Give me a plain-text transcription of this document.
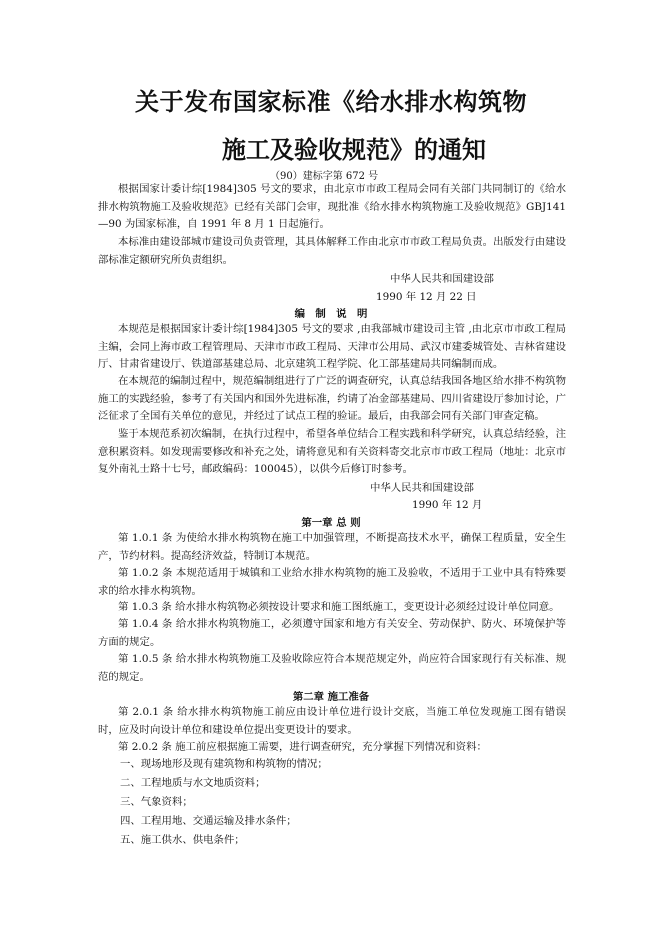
关于发布国家标准《给水排水构筑物
施工及验收规范》的通知
（90）建标字第 672 号
根据国家计委计综[1984]305 号文的要求，由北京市市政工程局会同有关部门共同制订的《给水排水构筑物施工及验收规范》已经有关部门会审，现批准《给水排水构筑物施工及验收规范》GBJ141—90 为国家标准，自 1991 年 8 月 1 日起施行。
本标准由建设部城市建设司负责管理，其具体解释工作由北京市市政工程局负责。出版发行由建设部标准定额研究所负责组织。
中华人民共和国建设部
1990 年 12 月 22 日
编　制　说　明
本规范是根据国家计委计综[1984]305 号文的要求 ,由我部城市建设司主管 ,由北京市市政工程局主编，会同上海市政工程管理局、天津市市政工程局、天津市公用局、武汉市建委城管处、吉林省建设厅、甘肃省建设厅、铁道部基建总局、北京建筑工程学院、化工部基建局共同编制而成。
在本规范的编制过程中，规范编制组进行了广泛的调查研究，认真总结我国各地区给水排不构筑物施工的实践经验，参考了有关国内和国外先进标准，约请了冶金部基建局、四川省建设厅参加讨论，广泛征求了全国有关单位的意见，并经过了试点工程的验证。最后，由我部会同有关部门审查定稿。
鉴于本规范系初次编制，在执行过程中，希望各单位结合工程实践和科学研究，认真总结经验，注意积累资料。如发现需要修改和补充之处，请将意见和有关资料寄交北京市市政工程局（地址：北京市复外南礼士路十七号，邮政编码：100045），以供今后修订时参考。
中华人民共和国建设部
1990 年 12 月
第一章 总 则
第 1.0.1 条 为使给水排水构筑物在施工中加强管理，不断提高技术水平，确保工程质量，安全生产，节约材料。提高经济效益，特制订本规范。
第 1.0.2 条 本规范适用于城镇和工业给水排水构筑物的施工及验收，不适用于工业中具有特殊要求的给水排水构筑物。
第 1.0.3 条 给水排水构筑物必须按设计要求和施工图纸施工，变更设计必须经过设计单位同意。
第 1.0.4 条 给水排水构筑物施工，必须遵守国家和地方有关安全、劳动保护、防火、环境保护等方面的规定。
第 1.0.5 条 给水排水构筑物施工及验收除应符合本规范规定外，尚应符合国家现行有关标准、规范的规定。
第二章 施工准备
第 2.0.1 条 给水排水构筑物施工前应由设计单位进行设计交底，当施工单位发现施工图有错误时，应及时向设计单位和建设单位提出变更设计的要求。
第 2.0.2 条 施工前应根据施工需要，进行调查研究，充分掌握下列情况和资料：
一、现场地形及现有建筑物和构筑物的情况；
二、工程地质与水文地质资料；
三、气象资料；
四、工程用地、交通运输及排水条件；
五、施工供水、供电条件；
